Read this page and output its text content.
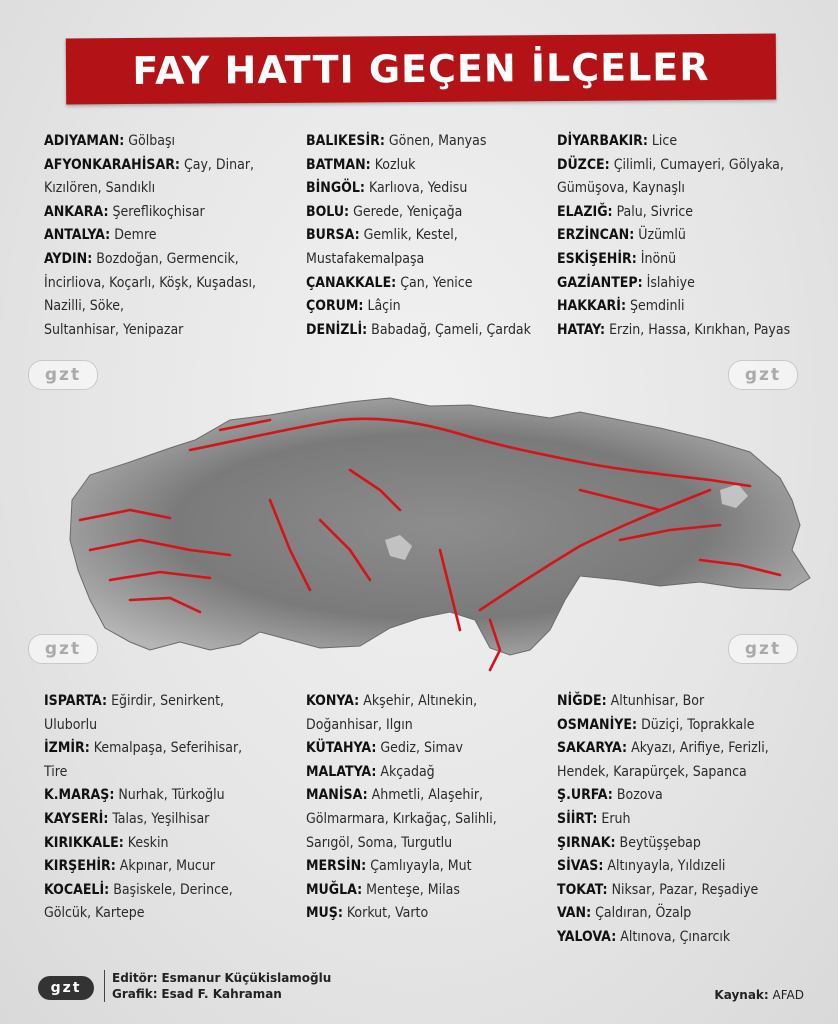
FAY HATTI GEÇEN İLÇELER
ADIYAMAN: Gölbaşı
AFYONKARAHİSAR: Çay, Dinar,
Kızılören, Sandıklı
ANKARA: Şereflikoçhisar
ANTALYA: Demre
AYDIN: Bozdoğan, Germencik,
İncirliova, Koçarlı, Köşk, Kuşadası,
Nazilli, Söke,
Sultanhisar, Yenipazar
BALIKESİR: Gönen, Manyas
BATMAN: Kozluk
BİNGÖL: Karlıova, Yedisu
BOLU: Gerede, Yeniçağa
BURSA: Gemlik, Kestel,
Mustafakemalpaşa
ÇANAKKALE: Çan, Yenice
ÇORUM: Lâçin
DENİZLİ: Babadağ, Çameli, Çardak
DİYARBAKIR: Lice
DÜZCE: Çilimli, Cumayeri, Gölyaka,
Gümüşova, Kaynaşlı
ELAZIĞ: Palu, Sivrice
ERZİNCAN: Üzümlü
ESKİŞEHİR: İnönü
GAZİANTEP: İslahiye
HAKKARİ: Şemdinli
HATAY: Erzin, Hassa, Kırıkhan, Payas
gzt	gzt
gzt	gzt
ISPARTA: Eğirdir, Senirkent,
Uluborlu
İZMİR: Kemalpaşa, Seferihisar,
Tire
K.MARAŞ: Nurhak, Türkoğlu
KAYSERİ: Talas, Yeşilhisar
KIRIKKALE: Keskin
KIRŞEHİR: Akpınar, Mucur
KOCAELİ: Başiskele, Derince,
Gölcük, Kartepe
KONYA: Akşehir, Altınekin,
Doğanhisar, Ilgın
KÜTAHYA: Gediz, Simav
MALATYA: Akçadağ
MANİSA: Ahmetli, Alaşehir,
Gölmarmara, Kırkağaç, Salihli,
Sarıgöl, Soma, Turgutlu
MERSİN: Çamlıyayla, Mut
MUĞLA: Menteşe, Milas
MUŞ: Korkut, Varto
NİĞDE: Altunhisar, Bor
OSMANİYE: Düziçi, Toprakkale
SAKARYA: Akyazı, Arifiye, Ferizli,
Hendek, Karapürçek, Sapanca
Ş.URFA: Bozova
SİİRT: Eruh
ŞIRNAK: Beytüşşebap
SİVAS: Altınyayla, Yıldızeli
TOKAT: Niksar, Pazar, Reşadiye
VAN: Çaldıran, Özalp
YALOVA: Altınova, Çınarcık
gzt
Editör: Esmanur Küçükislamoğlu
Grafik: Esad F. Kahraman	Kaynak: AFAD
